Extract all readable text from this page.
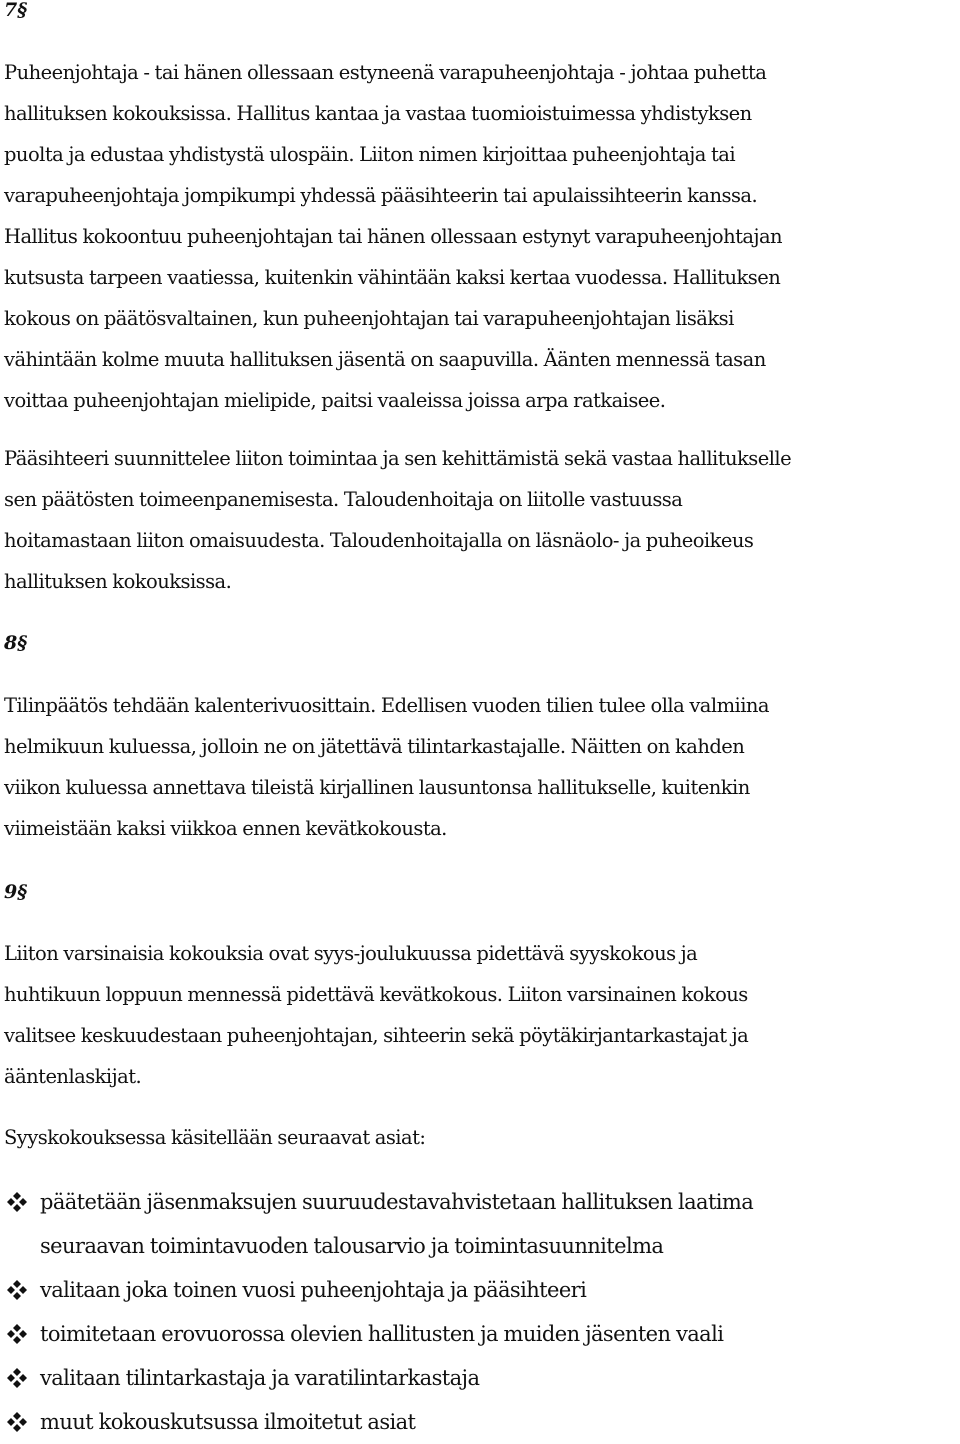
7§
Puheenjohtaja - tai hänen ollessaan estyneenä varapuheenjohtaja - johtaa puhetta
hallituksen kokouksissa. Hallitus kantaa ja vastaa tuomioistuimessa yhdistyksen
puolta ja edustaa yhdistystä ulospäin. Liiton nimen kirjoittaa puheenjohtaja tai
varapuheenjohtaja jompikumpi yhdessä pääsihteerin tai apulaissihteerin kanssa.
Hallitus kokoontuu puheenjohtajan tai hänen ollessaan estynyt varapuheenjohtajan
kutsusta tarpeen vaatiessa, kuitenkin vähintään kaksi kertaa vuodessa. Hallituksen
kokous on päätösvaltainen, kun puheenjohtajan tai varapuheenjohtajan lisäksi
vähintään kolme muuta hallituksen jäsentä on saapuvilla. Äänten mennessä tasan
voittaa puheenjohtajan mielipide, paitsi vaaleissa joissa arpa ratkaisee.
Pääsihteeri suunnittelee liiton toimintaa ja sen kehittämistä sekä vastaa hallitukselle
sen päätösten toimeenpanemisesta. Taloudenhoitaja on liitolle vastuussa
hoitamastaan liiton omaisuudesta. Taloudenhoitajalla on läsnäolo- ja puheoikeus
hallituksen kokouksissa.
8§
Tilinpäätös tehdään kalenterivuosittain. Edellisen vuoden tilien tulee olla valmiina
helmikuun kuluessa, jolloin ne on jätettävä tilintarkastajalle. Näitten on kahden
viikon kuluessa annettava tileistä kirjallinen lausuntonsa hallitukselle, kuitenkin
viimeistään kaksi viikkoa ennen kevätkokousta.
9§
Liiton varsinaisia kokouksia ovat syys-joulukuussa pidettävä syyskokous ja
huhtikuun loppuun mennessä pidettävä kevätkokous. Liiton varsinainen kokous
valitsee keskuudestaan puheenjohtajan, sihteerin sekä pöytäkirjantarkastajat ja
ääntenlaskijat.
Syyskokouksessa käsitellään seuraavat asiat:
päätetään jäsenmaksujen suuruudestavahvistetaan hallituksen laatima
seuraavan toimintavuoden talousarvio ja toimintasuunnitelma
valitaan joka toinen vuosi puheenjohtaja ja pääsihteeri
toimitetaan erovuorossa olevien hallitusten ja muiden jäsenten vaali
valitaan tilintarkastaja ja varatilintarkastaja
muut kokouskutsussa ilmoitetut asiat
